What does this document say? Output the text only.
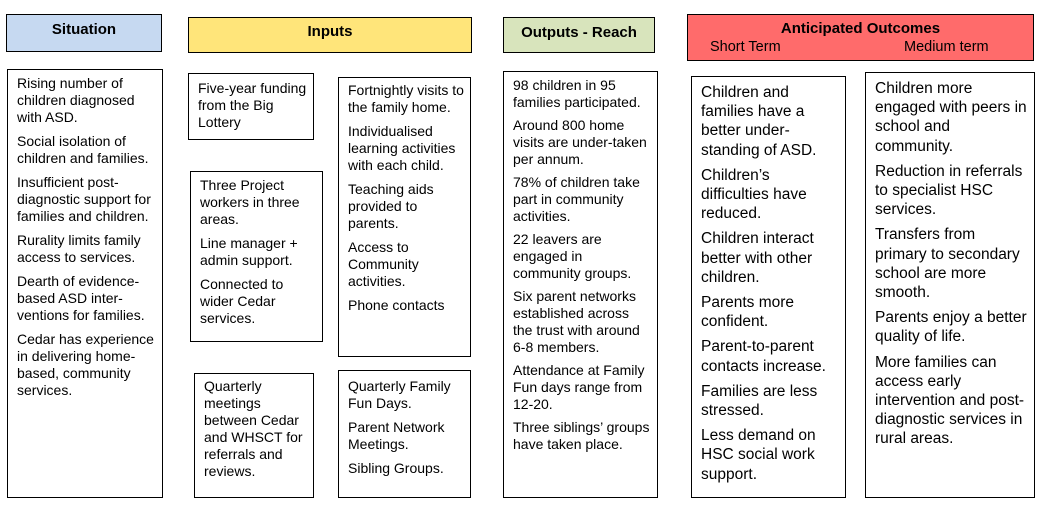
Situation	Inputs	Outputs - Reach	Anticipated Outcomes
Short Term	Medium term

Rising number of children diagnosed with ASD.

Social isolation of children and families.

Insufficient post-diagnostic support for families and children.

Rurality limits family access to services.

Dearth of evidence-based ASD inter-ventions for families.

Cedar has experience in delivering home-based, community services.

Five-year funding from the Big Lottery

Three Project workers in three areas.

Line manager + admin support.

Connected to wider Cedar services.

Quarterly meetings between Cedar and WHSCT for referrals and reviews.

Fortnightly visits to the family home.

Individualised learning activities with each child.

Teaching aids provided to parents.

Access to Community activities.

Phone contacts

Quarterly Family Fun Days.

Parent Network Meetings.

Sibling Groups.

98 children in 95 families participated.

Around 800 home visits are under-taken per annum.

78% of children take part in community activities.

22 leavers are engaged in community groups.

Six parent networks established across the trust with around 6-8 members.

Attendance at Family Fun days range from 12-20.

Three siblings’ groups have taken place.

Children and families have a better under-standing of ASD.

Children’s difficulties have reduced.

Children interact better with other children.

Parents more confident.

Parent-to-parent contacts increase.

Families are less stressed.

Less demand on HSC social work support.

Children more engaged with peers in school and community.

Reduction in referrals to specialist HSC services.

Transfers from primary to secondary school are more smooth.

Parents enjoy a better quality of life.

More families can access early intervention and post-diagnostic services in rural areas.
